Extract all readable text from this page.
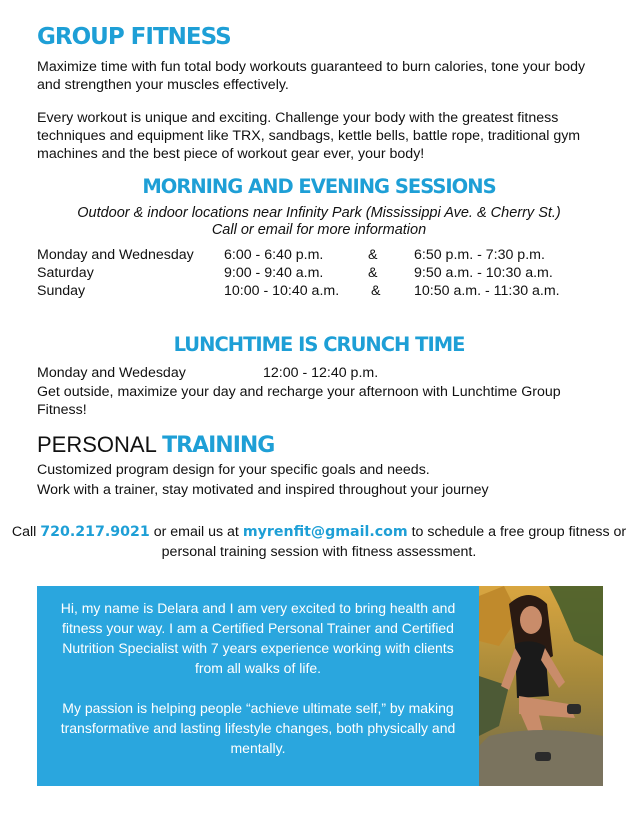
GROUP FITNESS
Maximize time with fun total body workouts guaranteed to burn calories, tone your body and strengthen your muscles effectively.
Every workout is unique and exciting. Challenge your body with the greatest fitness techniques and equipment like TRX, sandbags, kettle bells, battle rope, traditional gym machines and the best piece of workout gear ever, your body!
MORNING AND EVENING SESSIONS
Outdoor & indoor locations near Infinity Park (Mississippi Ave. & Cherry St.)
Call or email for more information
Monday and Wednesday 6:00 - 6:40 p.m.	&	6:50 p.m. - 7:30 p.m.
Saturday	9:00 - 9:40 a.m.	&	9:50 a.m. - 10:30 a.m.
Sunday	10:00 - 10:40 a.m. & 10:50 a.m. - 11:30 a.m.
LUNCHTIME IS CRUNCH TIME
Monday and Wedesday	12:00 - 12:40 p.m.
Get outside, maximize your day and recharge your afternoon with Lunchtime Group Fitness!
PERSONAL TRAINING
Customized program design for your specific goals and needs.
Work with a trainer, stay motivated and inspired throughout your journey
Call 720.217.9021 or email us at myrenfit@gmail.com to schedule a free group fitness or personal training session with fitness assessment.

Hi, my name is Delara and I am very excited to bring health and fitness your way. I am a Certified Personal Trainer and Certified Nutrition Specialist with 7 years experience working with clients from all walks of life.

My passion is helping people “achieve ultimate self,” by making transformative and lasting lifestyle changes, both physically and mentally.
